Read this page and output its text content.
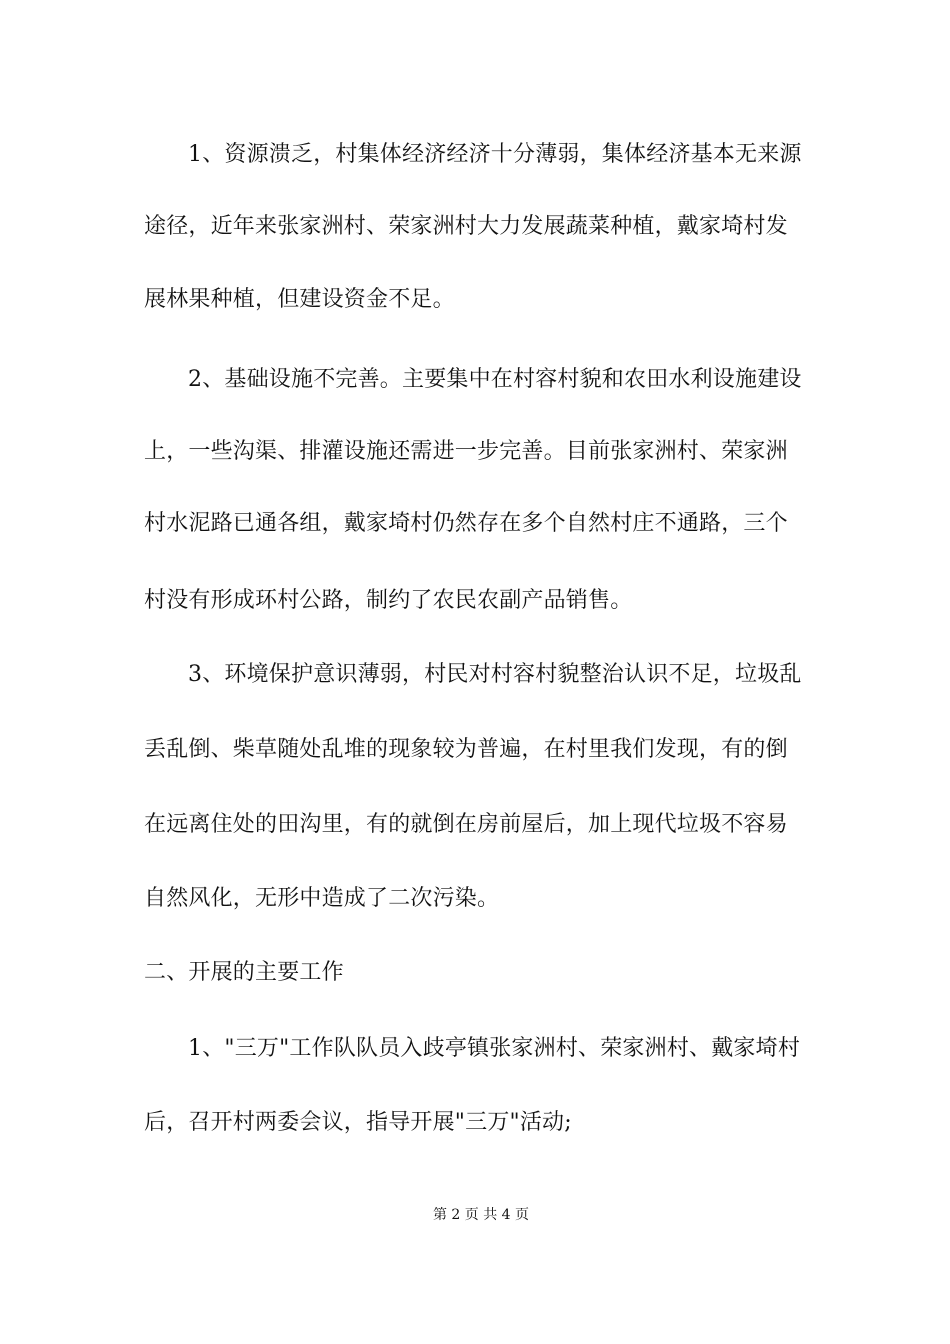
1、资源溃乏，村集体经济经济十分薄弱，集体经济基本无来源
途径，近年来张家洲村、荣家洲村大力发展蔬菜种植，戴家埼村发
展林果种植，但建设资金不足。
2、基础设施不完善。主要集中在村容村貌和农田水利设施建设
上，一些沟渠、排灌设施还需进一步完善。目前张家洲村、荣家洲
村水泥路已通各组，戴家埼村仍然存在多个自然村庄不通路，三个
村没有形成环村公路，制约了农民农副产品销售。
3、环境保护意识薄弱，村民对村容村貌整治认识不足，垃圾乱
丢乱倒、柴草随处乱堆的现象较为普遍，在村里我们发现，有的倒
在远离住处的田沟里，有的就倒在房前屋后，加上现代垃圾不容易
自然风化，无形中造成了二次污染。
二、开展的主要工作
1、"三万"工作队队员入歧亭镇张家洲村、荣家洲村、戴家埼村
后，召开村两委会议，指导开展"三万"活动;
第 2 页 共 4 页
